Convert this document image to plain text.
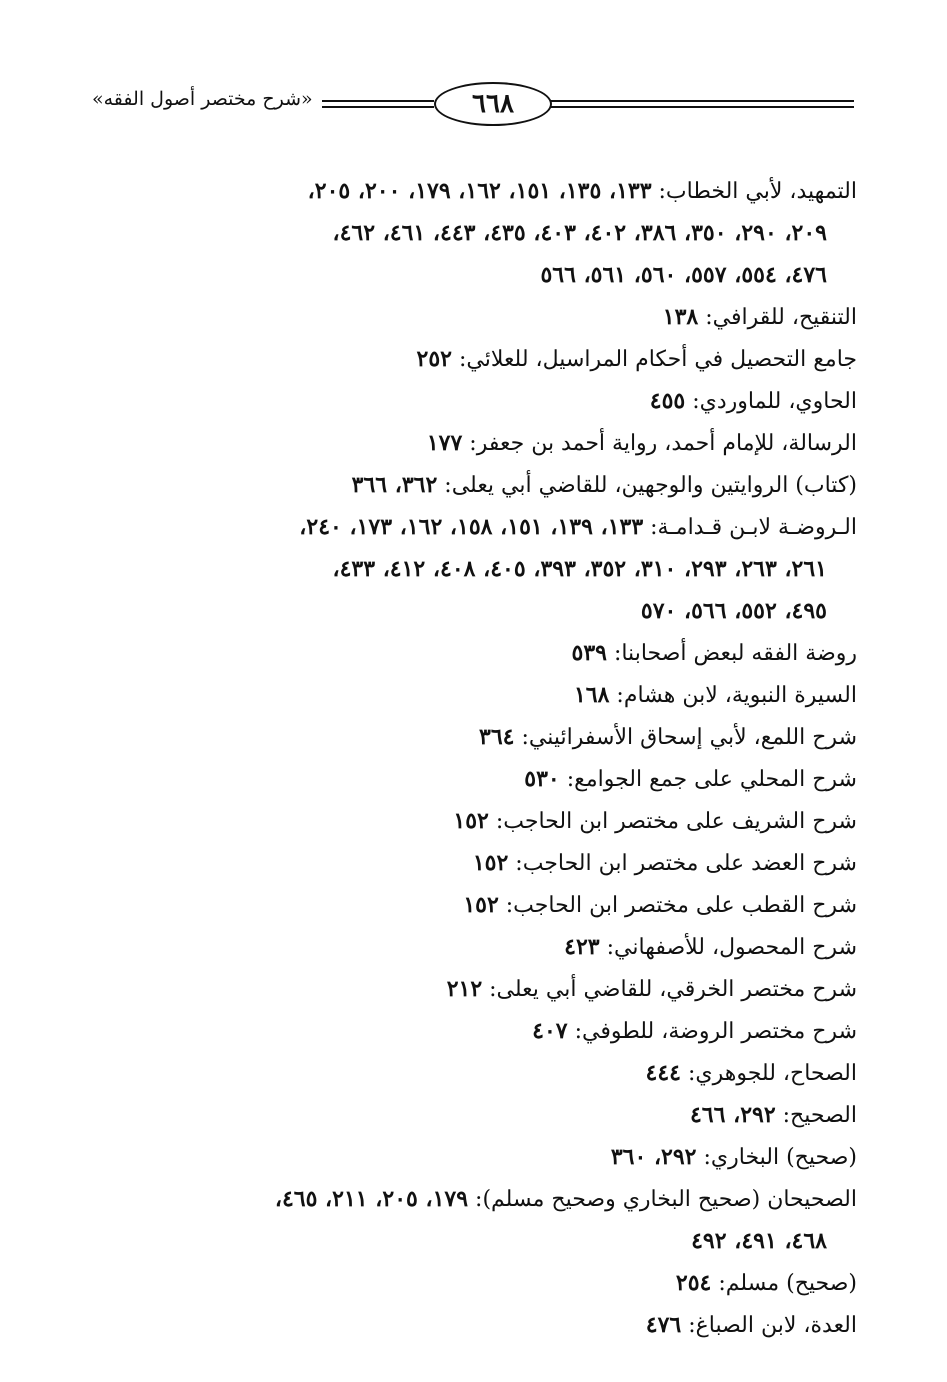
٦٦٨
«شرح مختصر أصول الفقه»
التمهيد، لأبي الخطاب: ١٣٣، ١٣٥، ١٥١، ١٦٢، ١٧٩، ٢٠٠، ٢٠٥،
٢٠٩، ٢٩٠، ٣٥٠، ٣٨٦، ٤٠٢، ٤٠٣، ٤٣٥، ٤٤٣، ٤٦١، ٤٦٢،
٤٧٦، ٥٥٤، ٥٥٧، ٥٦٠، ٥٦١، ٥٦٦
التنقيح، للقرافي: ١٣٨
جامع التحصيل في أحكام المراسيل، للعلائي: ٢٥٢
الحاوي، للماوردي: ٤٥٥
الرسالة، للإمام أحمد، رواية أحمد بن جعفر: ١٧٧
(كتاب) الروايتين والوجهين، للقاضي أبي يعلى: ٣٦٢، ٣٦٦
الـروضـة لابـن قـدامـة: ١٣٣، ١٣٩، ١٥١، ١٥٨، ١٦٢، ١٧٣، ٢٤٠،
٢٦١، ٢٦٣، ٢٩٣، ٣١٠، ٣٥٢، ٣٩٣، ٤٠٥، ٤٠٨، ٤١٢، ٤٣٣،
٤٩٥، ٥٥٢، ٥٦٦، ٥٧٠
روضة الفقه لبعض أصحابنا: ٥٣٩
السيرة النبوية، لابن هشام: ١٦٨
شرح اللمع، لأبي إسحاق الأسفرائيني: ٣٦٤
شرح المحلي على جمع الجوامع: ٥٣٠
شرح الشريف على مختصر ابن الحاجب: ١٥٢
شرح العضد على مختصر ابن الحاجب: ١٥٢
شرح القطب على مختصر ابن الحاجب: ١٥٢
شرح المحصول، للأصفهاني: ٤٢٣
شرح مختصر الخرقي، للقاضي أبي يعلى: ٢١٢
شرح مختصر الروضة، للطوفي: ٤٠٧
الصحاح، للجوهري: ٤٤٤
الصحيح: ٢٩٢، ٤٦٦
(صحيح) البخاري: ٢٩٢، ٣٦٠
الصحيحان (صحيح البخاري وصحيح مسلم): ١٧٩، ٢٠٥، ٢١١، ٤٦٥،
٤٦٨، ٤٩١، ٤٩٢
(صحيح) مسلم: ٢٥٤
العدة، لابن الصباغ: ٤٧٦
